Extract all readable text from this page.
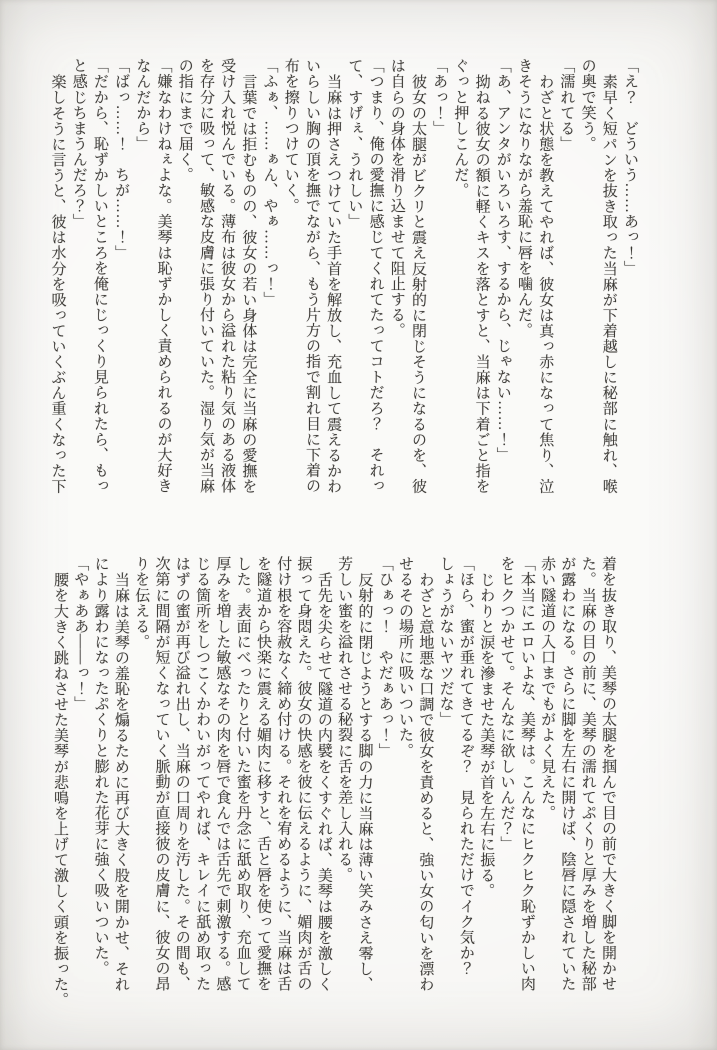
「え？　どういう……あっ！」

素早く短パンを抜き取った当麻が下着越しに秘部に触れ、喉

の奥で笑う。

「濡れてる」

わざと状態を教えてやれば、彼女は真っ赤になって焦り、泣

きそうになりながら羞恥に唇を噛んだ。

「あ、アンタがいろいろす、するから、じゃない……！」

拗ねる彼女の額に軽くキスを落とすと、当麻は下着ごと指を

ぐっと押しこんだ。

「あっ！」

彼女の太腿がビクリと震え反射的に閉じそうになるのを、彼

は自らの身体を滑り込ませて阻止する。

「つまり、俺の愛撫に感じてくれてたってコトだろ？　それっ

て、すげぇ、うれしい」

当麻は押さえつけていた手首を解放し、充血して震えるかわ

いらしい胸の頂を撫でながら、もう片方の指で割れ目に下着の

布を擦りつけていく。

「ふぁ、……ぁん、やぁ……っ！」

言葉では拒むものの、彼女の若い身体は完全に当麻の愛撫を

受け入れ悦んでいる。薄布は彼女から溢れた粘り気のある液体

を存分に吸って、敏感な皮膚に張り付いていた。湿り気が当麻

の指にまで届く。

「嫌なわけねぇよな。美琴は恥ずかしく責められるのが大好き

なんだから」

「ばっ……！　ちが……！」

「だから、恥ずかしいところを俺にじっくり見られたら、もっ

と感じちまうんだろ？」

楽しそうに言うと、彼は水分を吸っていくぶん重くなった下

着を抜き取り、美琴の太腿を掴んで目の前で大きく脚を開かせ

た。当麻の目の前に、美琴の濡れてぷくりと厚みを増した秘部

が露わになる。さらに脚を左右に開けば、陰唇に隠されていた

赤い隧道の入口までもがよく見えた。

「本当にエロいよな、美琴は。こんなにヒクヒク恥ずかしい肉

をヒクつかせて。そんなに欲しいんだ？」

じわりと涙を滲ませた美琴が首を左右に振る。

「ほら、蜜が垂れてきてるぞ？　見られただけでイク気か？

しょうがないヤツだな」

わざと意地悪な口調で彼女を責めると、強い女の匂いを漂わ

せるその場所に吸いついた。

「ひぁっ！　やだぁあっ！」

反射的に閉じようとする脚の力に当麻は薄い笑みさえ零し、

芳しい蜜を溢れさせる秘裂に舌を差し入れる。

舌先を尖らせて隧道の内襞をくすぐれば、美琴は腰を激しく

捩って身悶えた。彼女の快感を彼に伝えるように、媚肉が舌の

付け根を容赦なく締め付ける。それを宥めるように、当麻は舌

を隧道から快楽に震える媚肉に移すと、舌と唇を使って愛撫を

した。表面にべったりと付いた蜜を丹念に舐め取り、充血して

厚みを増した敏感なその肉を唇で食んでは舌先で刺激する。感

じる箇所をしつこくかわいがってやれば、キレイに舐め取った

はずの蜜が再び溢れ出し、当麻の口周りを汚した。その間も、

次第に間隔が短くなっていく脈動が直接彼の皮膚に、彼女の昂

りを伝える。

当麻は美琴の羞恥を煽るために再び大きく股を開かせ、それ

により露わになったぷくりと膨れた花芽に強く吸いついた。

「やぁああ――っ！」

腰を大きく跳ねさせた美琴が悲鳴を上げて激しく頭を振った。
